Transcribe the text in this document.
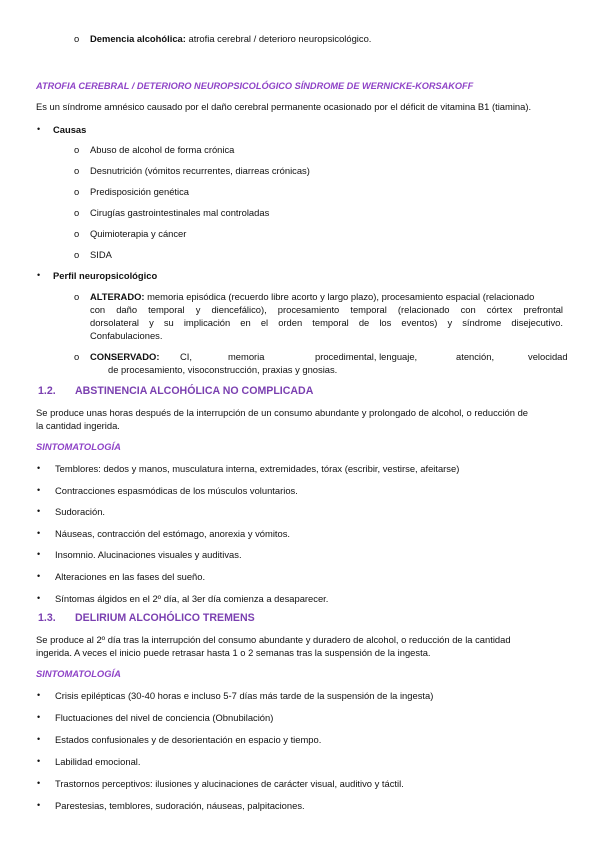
o Demencia alcohólica: atrofia cerebral / deterioro neuropsicológico.
ATROFIA CEREBRAL / DETERIORO NEUROPSICOLÓGICO SÍNDROME DE WERNICKE-KORSAKOFF
Es un síndrome amnésico causado por el daño cerebral permanente ocasionado por el déficit de vitamina B1 (tiamina).
• Causas
o Abuso de alcohol de forma crónica
o Desnutrición (vómitos recurrentes, diarreas crónicas)
o Predisposición genética
o Cirugías gastrointestinales mal controladas
o Quimioterapia y cáncer
o SIDA
• Perfil neuropsicológico
o ALTERADO: memoria episódica (recuerdo libre acorto y largo plazo), procesamiento espacial (relacionado
con daño temporal y diencefálico), procesamiento temporal (relacionado con córtex prefrontal
dorsolateral y su implicación en el orden temporal de los eventos) y síndrome disejecutivo.
Confabulaciones.
o CONSERVADO: CI,	memoria	procedimental, lenguaje,	atención,	velocidad
de procesamiento, visoconstrucción, praxias y gnosias.
1.2. ABSTINENCIA ALCOHÓLICA NO COMPLICADA
Se produce unas horas después de la interrupción de un consumo abundante y prolongado de alcohol, o reducción de
la cantidad ingerida.
SINTOMATOLOGÍA
• Temblores: dedos y manos, musculatura interna, extremidades, tórax (escribir, vestirse, afeitarse)
• Contracciones espasmódicas de los músculos voluntarios.
• Sudoración.
• Náuseas, contracción del estómago, anorexia y vómitos.
• Insomnio. Alucinaciones visuales y auditivas.
• Alteraciones en las fases del sueño.
• Síntomas álgidos en el 2º día, al 3er día comienza a desaparecer.
1.3. DELIRIUM ALCOHÓLICO TREMENS
Se produce al 2º día tras la interrupción del consumo abundante y duradero de alcohol, o reducción de la cantidad
ingerida. A veces el inicio puede retrasar hasta 1 o 2 semanas tras la suspensión de la ingesta.
SINTOMATOLOGÍA
• Crisis epilépticas (30-40 horas e incluso 5-7 días más tarde de la suspensión de la ingesta)
• Fluctuaciones del nivel de conciencia (Obnubilación)
• Estados confusionales y de desorientación en espacio y tiempo.
• Labilidad emocional.
• Trastornos perceptivos: ilusiones y alucinaciones de carácter visual, auditivo y táctil.
• Parestesias, temblores, sudoración, náuseas, palpitaciones.
